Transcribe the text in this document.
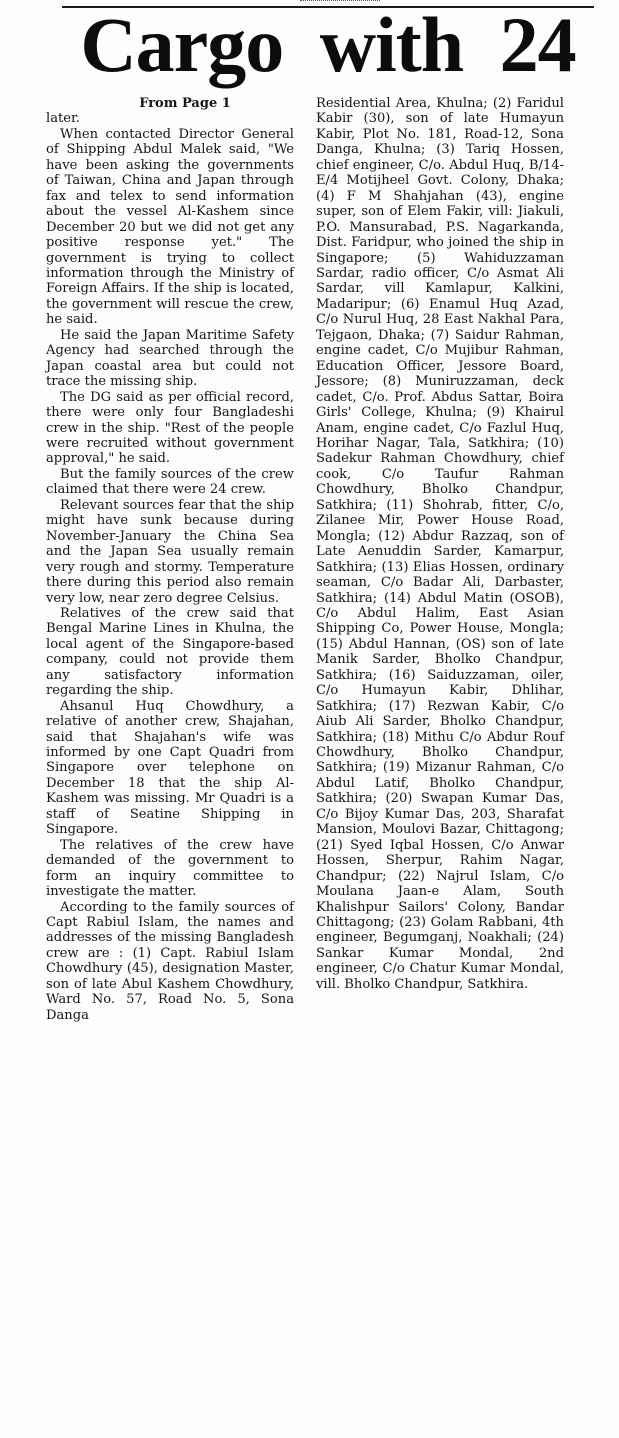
Cargo with 24

From Page 1

later.

When contacted Director General of Shipping Abdul Malek said, "We have been asking the governments of Taiwan, China and Japan through fax and telex to send information about the vessel Al-Kashem since December 20 but we did not get any positive response yet." The government is trying to collect information through the Ministry of Foreign Affairs. If the ship is located, the government will rescue the crew, he said.

He said the Japan Maritime Safety Agency had searched through the Japan coastal area but could not trace the missing ship.

The DG said as per official record, there were only four Bangladeshi crew in the ship. "Rest of the people were recruited without government approval," he said.

But the family sources of the crew claimed that there were 24 crew.

Relevant sources fear that the ship might have sunk because during November-January the China Sea and the Japan Sea usually remain very rough and stormy. Temperature there during this period also remain very low, near zero degree Celsius.

Relatives of the crew said that Bengal Marine Lines in Khulna, the local agent of the Singapore-based company, could not provide them any satisfactory information regarding the ship.

Ahsanul Huq Chowdhury, a relative of another crew, Shajahan, said that Shajahan's wife was informed by one Capt Quadri from Singapore over telephone on December 18 that the ship Al-Kashem was missing. Mr Quadri is a staff of Seatine Shipping in Singapore.

The relatives of the crew have demanded of the government to form an inquiry committee to investigate the matter.

According to the family sources of Capt Rabiul Islam, the names and addresses of the missing Bangladesh crew are : (1) Capt. Rabiul Islam Chowdhury (45), designation Master, son of late Abul Kashem Chowdhury, Ward No. 57, Road No. 5, Sona Danga

Residential Area, Khulna; (2) Faridul Kabir (30), son of late Humayun Kabir, Plot No. 181, Road-12, Sona Danga, Khulna; (3) Tariq Hossen, chief engineer, C/o. Abdul Huq, B/14-E/4 Motijheel Govt. Colony, Dhaka; (4) F M Shahjahan (43), engine super, son of Elem Fakir, vill: Jiakuli, P.O. Mansurabad, P.S. Nagarkanda, Dist. Faridpur, who joined the ship in Singapore; (5) Wahiduzzaman Sardar, radio officer, C/o Asmat Ali Sardar, vill Kamlapur, Kalkini, Madaripur; (6) Enamul Huq Azad, C/o Nurul Huq, 28 East Nakhal Para, Tejgaon, Dhaka; (7) Saidur Rahman, engine cadet, C/o Mujibur Rahman, Education Officer, Jessore Board, Jessore; (8) Muniruzzaman, deck cadet, C/o. Prof. Abdus Sattar, Boira Girls' College, Khulna; (9) Khairul Anam, engine cadet, C/o Fazlul Huq, Horihar Nagar, Tala, Satkhira; (10) Sadekur Rahman Chowdhury, chief cook, C/o Taufur Rahman Chowdhury, Bholko Chandpur, Satkhira; (11) Shohrab, fitter, C/o, Zilanee Mir, Power House Road, Mongla; (12) Abdur Razzaq, son of Late Aenuddin Sarder, Kamarpur, Satkhira; (13) Elias Hossen, ordinary seaman, C/o Badar Ali, Darbaster, Satkhira; (14) Abdul Matin (OSOB), C/o Abdul Halim, East Asian Shipping Co, Power House, Mongla; (15) Abdul Hannan, (OS) son of late Manik Sarder, Bholko Chandpur, Satkhira; (16) Saiduzzaman, oiler, C/o Humayun Kabir, Dhlihar, Satkhira; (17) Rezwan Kabir, C/o Aiub Ali Sarder, Bholko Chandpur, Satkhira; (18) Mithu C/o Abdur Rouf Chowdhury, Bholko Chandpur, Satkhira; (19) Mizanur Rahman, C/o Abdul Latif, Bholko Chandpur, Satkhira; (20) Swapan Kumar Das, C/o Bijoy Kumar Das, 203, Sharafat Mansion, Moulovi Bazar, Chittagong; (21) Syed Iqbal Hossen, C/o Anwar Hossen, Sherpur, Rahim Nagar, Chandpur; (22) Najrul Islam, C/o Moulana Jaan-e Alam, South Khalishpur Sailors' Colony, Bandar Chittagong; (23) Golam Rabbani, 4th engineer, Begumganj, Noakhali; (24) Sankar Kumar Mondal, 2nd engineer, C/o Chatur Kumar Mondal, vill. Bholko Chandpur, Satkhira.
